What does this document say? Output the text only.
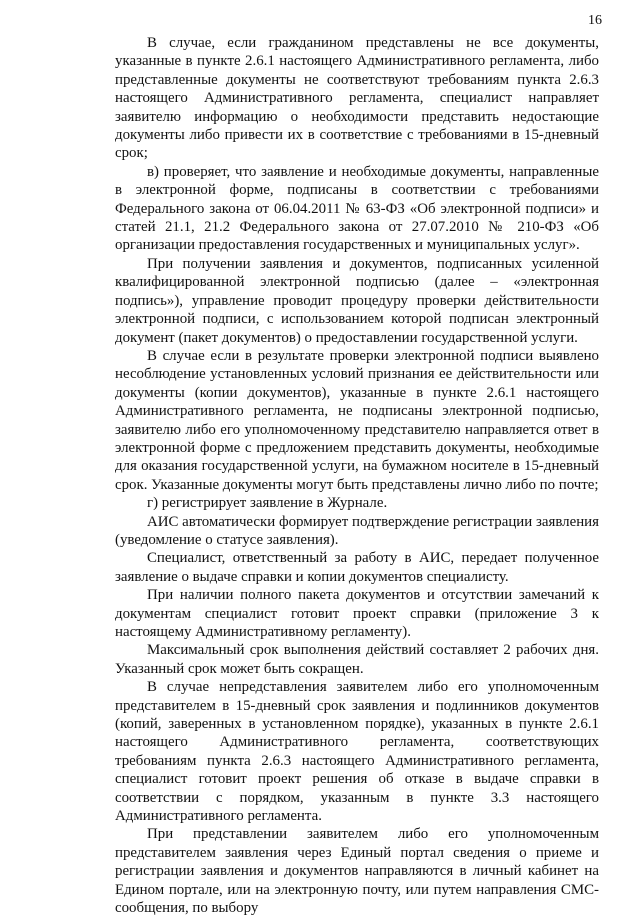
16

В случае, если гражданином представлены не все документы, указанные в пункте 2.6.1 настоящего Административного регламента, либо представленные документы не соответствуют требованиям пункта 2.6.3 настоящего Административного регламента, специалист направляет заявителю информацию о необходимости представить недостающие документы либо привести их в соответствие с требованиями в 15-дневный срок;

в) проверяет, что заявление и необходимые документы, направленные в электронной форме, подписаны в соответствии с требованиями Федерального закона от 06.04.2011 № 63-ФЗ «Об электронной подписи» и статей 21.1, 21.2 Федерального закона от 27.07.2010 № 210-ФЗ «Об организации предоставления государственных и муниципальных услуг».

При получении заявления и документов, подписанных усиленной квалифицированной электронной подписью (далее – «электронная подпись»), управление проводит процедуру проверки действительности электронной подписи, с использованием которой подписан электронный документ (пакет документов) о предоставлении государственной услуги.

В случае если в результате проверки электронной подписи выявлено несоблюдение установленных условий признания ее действительности или документы (копии документов), указанные в пункте 2.6.1 настоящего Административного регламента, не подписаны электронной подписью, заявителю либо его уполномоченному представителю направляется ответ в электронной форме с предложением представить документы, необходимые для оказания государственной услуги, на бумажном носителе в 15-дневный срок. Указанные документы могут быть представлены лично либо по почте;

г) регистрирует заявление в Журнале.

АИС автоматически формирует подтверждение регистрации заявления (уведомление о статусе заявления).

Специалист, ответственный за работу в АИС, передает полученное заявление о выдаче справки и копии документов специалисту.

При наличии полного пакета документов и отсутствии замечаний к документам специалист готовит проект справки (приложение 3 к настоящему Административному регламенту).

Максимальный срок выполнения действий составляет 2 рабочих дня. Указанный срок может быть сокращен.

В случае непредставления заявителем либо его уполномоченным представителем в 15-дневный срок заявления и подлинников документов (копий, заверенных в установленном порядке), указанных в пункте 2.6.1 настоящего Административного регламента, соответствующих требованиям пункта 2.6.3 настоящего Административного регламента, специалист готовит проект решения об отказе в выдаче справки в соответствии с порядком, указанным в пункте 3.3 настоящего Административного регламента.

При представлении заявителем либо его уполномоченным представителем заявления через Единый портал сведения о приеме и регистрации заявления и документов направляются в личный кабинет на Едином портале, или на электронную почту, или путем направления СМС-сообщения, по выбору
